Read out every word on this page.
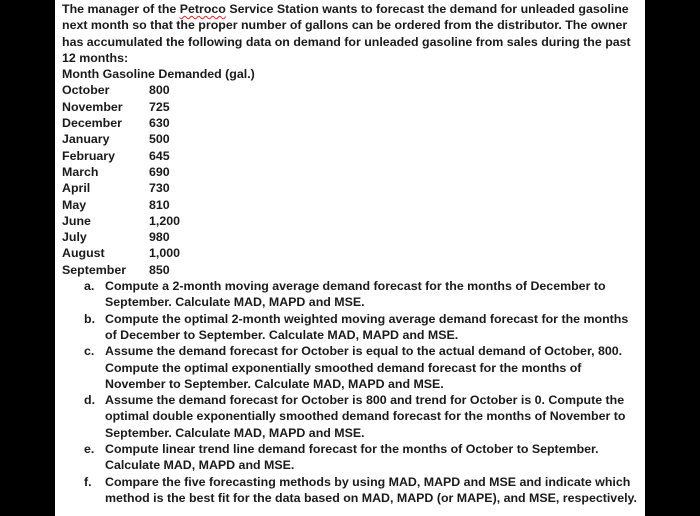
The manager of the Petroco Service Station wants to forecast the demand for unleaded gasoline next month so that the proper number of gallons can be ordered from the distributor. The owner has accumulated the following data on demand for unleaded gasoline from sales during the past 12 months:

Month Gasoline Demanded (gal.)

October	800
November	725
December	630
January	500
February	645
March	690
April	730
May	810
June	1,200
July	980
August	1,000
September	850
a. Compute a 2-month moving average demand forecast for the months of December to September. Calculate MAD, MAPD and MSE.
b. Compute the optimal 2-month weighted moving average demand forecast for the months of December to September. Calculate MAD, MAPD and MSE.
c. Assume the demand forecast for October is equal to the actual demand of October, 800. Compute the optimal exponentially smoothed demand forecast for the months of November to September. Calculate MAD, MAPD and MSE.
d. Assume the demand forecast for October is 800 and trend for October is 0. Compute the optimal double exponentially smoothed demand forecast for the months of November to September. Calculate MAD, MAPD and MSE.
e. Compute linear trend line demand forecast for the months of October to September. Calculate MAD, MAPD and MSE.
f.	Compare the five forecasting methods by using MAD, MAPD and MSE and indicate which method is the best fit for the data based on MAD, MAPD (or MAPE), and MSE, respectively.
